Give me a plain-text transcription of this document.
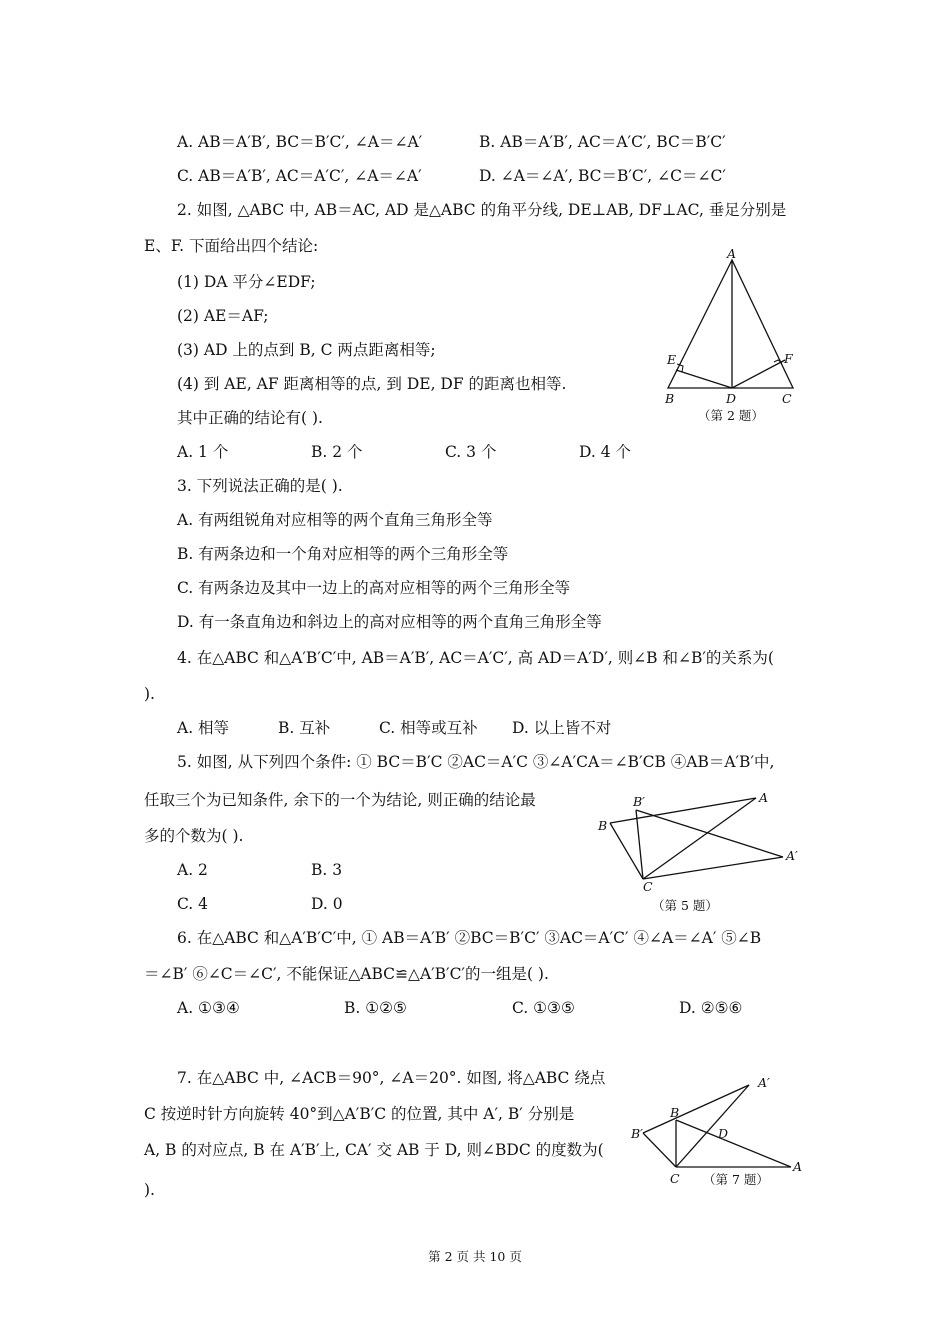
A. AB＝A′B′, BC＝B′C′, ∠A＝∠A′	B. AB＝A′B′, AC＝A′C′, BC＝B′C′
C. AB＝A′B′, AC＝A′C′, ∠A＝∠A′	D. ∠A＝∠A′, BC＝B′C′, ∠C＝∠C′
2. 如图, △ABC 中, AB＝AC, AD 是△ABC 的角平分线, DE⊥AB, DF⊥AC, 垂足分别是
E、F. 下面给出四个结论:
(1) DA 平分∠EDF;
(2) AE＝AF;
(3) AD 上的点到 B, C 两点距离相等;
(4) 到 AE, AF 距离相等的点, 到 DE, DF 的距离也相等.
其中正确的结论有( ).
A. 1 个	B. 2 个	C. 3 个	D. 4 个
3. 下列说法正确的是( ).
A. 有两组锐角对应相等的两个直角三角形全等
B. 有两条边和一个角对应相等的两个三角形全等
C. 有两条边及其中一边上的高对应相等的两个三角形全等
D. 有一条直角边和斜边上的高对应相等的两个直角三角形全等
4. 在△ABC 和△A′B′C′中, AB＝A′B′, AC＝A′C′, 高 AD＝A′D′, 则∠B 和∠B′的关系为(
).
A. 相等	B. 互补	C. 相等或互补 D. 以上皆不对
5. 如图, 从下列四个条件: ① BC＝B′C ②AC＝A′C ③∠A′CA＝∠B′CB ④AB＝A′B′中,
任取三个为已知条件, 余下的一个为结论, 则正确的结论最
多的个数为( ).
A. 2	B. 3
C. 4	D. 0
6. 在△ABC 和△A′B′C′中, ① AB＝A′B′ ②BC＝B′C′ ③AC＝A′C′ ④∠A＝∠A′ ⑤∠B
＝∠B′ ⑥∠C＝∠C′, 不能保证△ABC≌△A′B′C′的一组是( ).
A. ①③④	B. ①②⑤	C. ①③⑤	D. ②⑤⑥
7. 在△ABC 中, ∠ACB＝90°, ∠A＝20°. 如图, 将△ABC 绕点
C 按逆时针方向旋转 40°到△A′B′C 的位置, 其中 A′, B′ 分别是
A, B 的对应点, B 在 A′B′上, CA′ 交 AB 于 D, 则∠BDC 的度数为(
).
A
E	F
B	D	C
（第 2 题）
B′	A
B
A′
C
（第 5 题）
A′
B
D
B′
C
A
（第 7 题）
第 2 页 共 10 页
